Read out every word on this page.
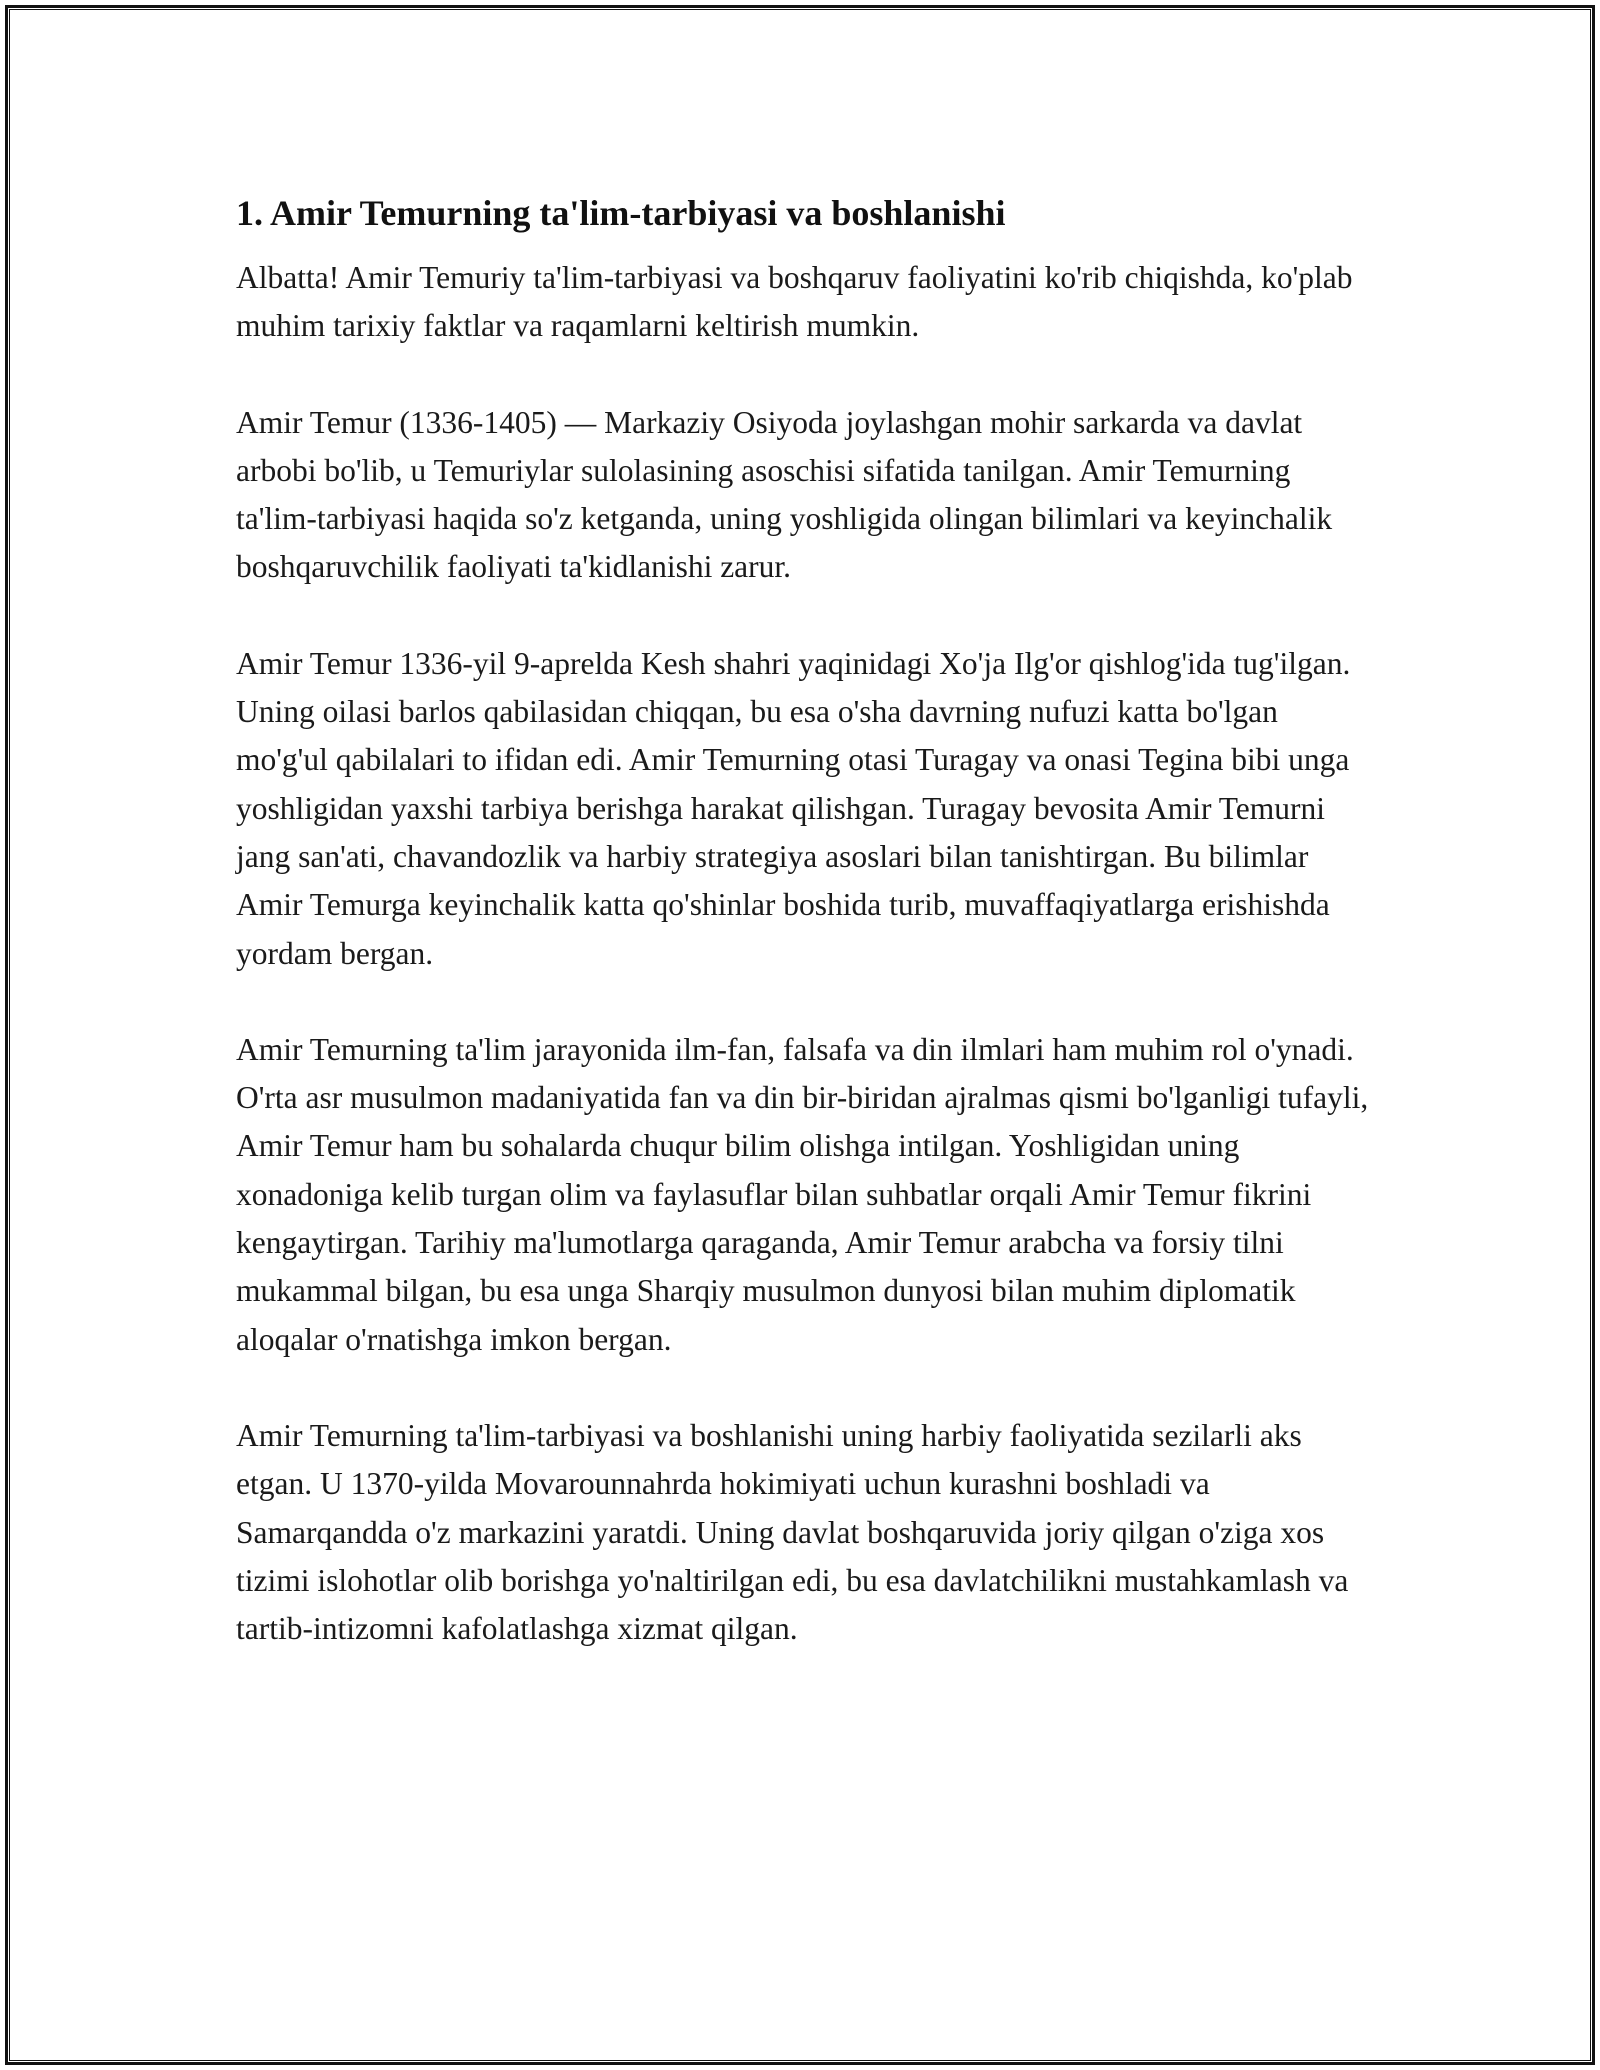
1. Amir Temurning ta'lim-tarbiyasi va boshlanishi

Albatta! Amir Temuriy ta'lim-tarbiyasi va boshqaruv faoliyatini ko'rib chiqishda, ko'plab muhim tarixiy faktlar va raqamlarni keltirish mumkin.

Amir Temur (1336-1405) — Markaziy Osiyoda joylashgan mohir sarkarda va davlat arbobi bo'lib, u Temuriylar sulolasining asoschisi sifatida tanilgan. Amir Temurning ta'lim-tarbiyasi haqida so'z ketganda, uning yoshligida olingan bilimlari va keyinchalik boshqaruvchilik faoliyati ta'kidlanishi zarur.

Amir Temur 1336-yil 9-aprelda Kesh shahri yaqinidagi Xo'ja Ilg'or qishlog'ida tug'ilgan. Uning oilasi barlos qabilasidan chiqqan, bu esa o'sha davrning nufuzi katta bo'lgan mo'g'ul qabilalari to ifidan edi. Amir Temurning otasi Turagay va onasi Tegina bibi unga yoshligidan yaxshi tarbiya berishga harakat qilishgan. Turagay bevosita Amir Temurni jang san'ati, chavandozlik va harbiy strategiya asoslari bilan tanishtirgan. Bu bilimlar Amir Temurga keyinchalik katta qo'shinlar boshida turib, muvaffaqiyatlarga erishishda yordam bergan.

Amir Temurning ta'lim jarayonida ilm-fan, falsafa va din ilmlari ham muhim rol o'ynadi. O'rta asr musulmon madaniyatida fan va din bir-biridan ajralmas qismi bo'lganligi tufayli, Amir Temur ham bu sohalarda chuqur bilim olishga intilgan. Yoshligidan uning xonadoniga kelib turgan olim va faylasuflar bilan suhbatlar orqali Amir Temur fikrini kengaytirgan. Tarihiy ma'lumotlarga qaraganda, Amir Temur arabcha va forsiy tilni mukammal bilgan, bu esa unga Sharqiy musulmon dunyosi bilan muhim diplomatik aloqalar o'rnatishga imkon bergan.

Amir Temurning ta'lim-tarbiyasi va boshlanishi uning harbiy faoliyatida sezilarli aks etgan. U 1370-yilda Movarounnahrda hokimiyati uchun kurashni boshladi va Samarqandda o'z markazini yaratdi. Uning davlat boshqaruvida joriy qilgan o'ziga xos tizimi islohotlar olib borishga yo'naltirilgan edi, bu esa davlatchilikni mustahkamlash va tartib-intizomni kafolatlashga xizmat qilgan.
